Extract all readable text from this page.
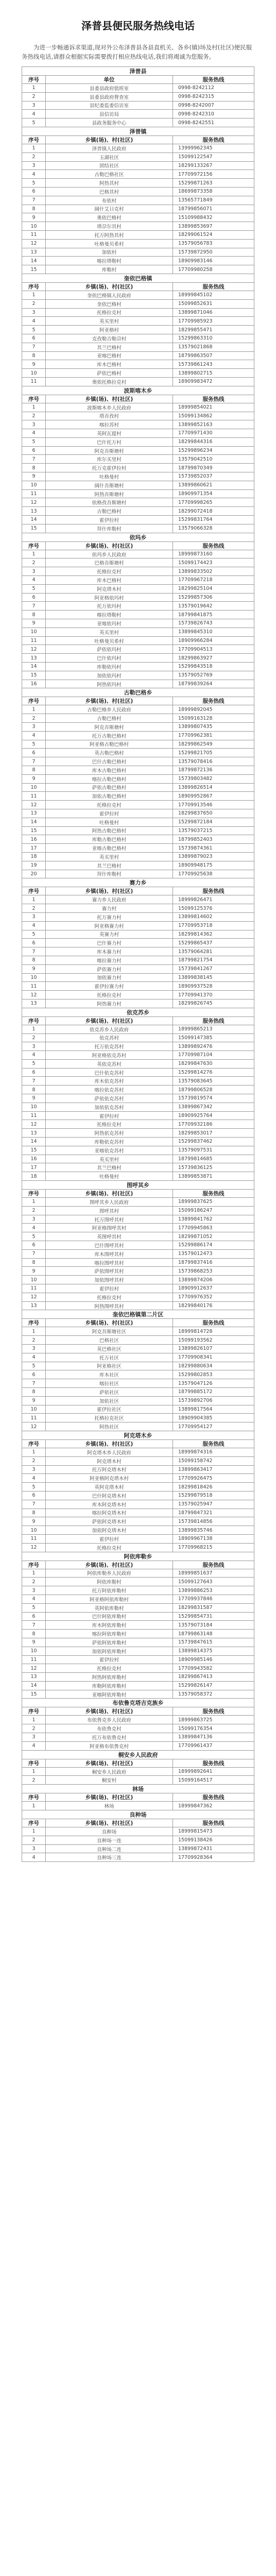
泽普县便民服务热线电话
为进一步畅通诉求渠道,现对外公布泽普县各县直机关、各乡(镇)场及村(社区)便民服务热线电话,请群众根据实际需要拨打相应热线电话,我们将竭诚为您服务。
泽普县		
序号	单位	服务热线
1	县委县政府值班室	0998-8242112
2	县委县政府督查室	0998-8242315
3	县纪委监委信访室	0998-8242007
4	县信访局	0998-8242310
5	县政务服务中心	0998-8242551
泽普镇		
序号	乡镇(场)、村(社区)	服务热线
1	泽普镇人民政府	13999962345
2	玉湖社区	15099122547
3	团结社区	18299133267
4	古勒巴格社区	17709972156
5	阿热其村	15299871263
6	巴格其村	18699873358
7	布依村	13565771849
8	阔什艾日克村	18799856071
9	奥依巴格村	15109988432
10	塔尕尔其村	13899853697
11	托万阿热其村	18299061524
12	吐格曼贝希村	13579056783
13	加依村	15739872950
14	喀拉塔勒村	18909983146
15	库勒村	17709980258
奎依巴格镇		
序号	乡镇(场)、村(社区)	服务热线
1	奎依巴格镇人民政府	18999845102
2	奎依巴格村	15099852631
3	托格拉克村	13899871046
4	英买里村	17709985923
5	阿亚格村	18299855471
6	克孜勒吉勒尕村	15299863310
7	其兰巴格村	13579021868
8	亚喀巴格村	18799863507
9	库木巴格村	15739861243
10	萨依巴格村	13899802715
11	奥依托格拉克村	18909983472
波斯喀木乡		
序号	乡镇(场)、村(社区)	服务热线
1	波斯喀木乡人民政府	18999854021
2	塔吾孜村	15099134862
3	喀拉苏村	13899852163
4	英阿瓦提村	17709971430
5	巴什托万村	18299844316
6	阿克吾斯塘村	15299896234
7	库尔买里村	13579042510
8	托万克霍伊拉村	18799870349
9	吐格曼村	15739852037
10	阔什吾斯塘村	13899860621
11	阿热吾斯塘村	18909971354
12	依格孜吾斯塘村	17709998265
13	古勒巴格村	18299072418
14	霍伊拉村	15299831764
15	拜什库勒村	13579066328
依玛乡		
序号	乡镇(场)、村(社区)	服务热线
1	依玛乡人民政府	18999873160
2	巴格吾斯塘村	15099174423
3	托格拉克村	13899833502
4	库木巴格村	17709967218
5	阿克塔木村	18299825104
6	阿亚格依玛村	15299857306
7	托万依玛村	13579019642
8	喀拉塔勒村	18799841875
9	亚喀依玛村	15739826743
10	英买里村	13899845310
11	吐格曼贝希村	18909966284
12	萨依依玛村	17709904513
13	巴什依玛村	18299863927
14	库勒依玛村	15299843518
15	加依依玛村	13579052769
16	阿热依玛村	18799839264
古勒巴格乡		
序号	乡镇(场)、村(社区)	服务热线
1	古勒巴格乡人民政府	18999892045
2	古勒巴格村	15099163128
3	阿克吾斯塘村	13899807435
4	托万古勒巴格村	17709962381
5	阿亚格古勒巴格村	18299862549
6	英古勒巴格村	15299821705
7	巴什古勒巴格村	13579078416
8	库木古勒巴格村	18799872136
9	喀拉古勒巴格村	15739803482
10	萨依古勒巴格村	13899826514
11	加依古勒巴格村	18909952867
12	托格拉克村	17709913546
13	霍伊拉村	18299837650
14	吐格曼村	15299872184
15	阿热古勒巴格村	13579037215
16	库勒古勒巴格村	18799852403
17	亚喀古勒巴格村	15739874361
18	英买里村	13899879023
19	其兰巴格村	18909948175
20	拜什库勒村	17709925638
赛力乡		
序号	乡镇(场)、村(社区)	服务热线
1	赛力乡人民政府	18999826471
2	赛力村	15099125376
3	托万赛力村	13899814602
4	阿亚格赛力村	17709953718
5	英赛力村	18299814362
6	巴什赛力村	15299865437
7	库木赛力村	13579064281
8	喀拉赛力村	18799821754
9	萨依赛力村	15739841267
10	加依赛力村	13899838145
11	霍伊拉赛力村	18909937528
12	托格拉克村	17709941370
13	阿热赛力村	18299826745
依克苏乡		
序号	乡镇(场)、村(社区)	服务热线
1	依克苏乡人民政府	18999865213
2	依克苏村	15099147385
3	托万依克苏村	13899892476
4	阿亚格依克苏村	17709987104
5	英依克苏村	18299847630
6	巴什依克苏村	15299814276
7	库木依克苏村	13579083645
8	喀拉依克苏村	18799806528
9	萨依依克苏村	15739819574
10	加依依克苏村	13899867342
11	霍伊拉村	18909925764
12	托格拉克村	17709932186
13	阿热依克苏村	18299853017
14	库勒依克苏村	15299837462
15	亚喀依克苏村	13579097531
16	英买里村	18799814685
17	其兰巴格村	15739836125
18	吐格曼村	13899853871
图呼其乡		
序号	乡镇(场)、村(社区)	服务热线
1	图呼其乡人民政府	18999837625
2	图呼其村	15099186247
3	托万图呼其村	13899841762
4	阿亚格图呼其村	17709945863
5	英图呼其村	18299871052
6	巴什图呼其村	15299886174
7	库木图呼其村	13579012473
8	喀拉图呼其村	18799837416
9	萨依图呼其村	15739868253
10	加依图呼其村	13899874206
11	霍伊拉村	18909912637
12	托格拉克村	17709976352
13	阿热图呼其村	18299840176
奎依巴格镇第二片区		
序号	乡镇(场)、村(社区)	服务热线
1	阿克吾斯塘社区	18999814728
2	巴格社区	15099193562
3	英巴格社区	13899826107
4	托万社区	17709908341
5	阿亚格社区	18299880634
6	库木社区	15299802853
7	喀拉社区	13579047126
8	萨依社区	18799885172
9	加依社区	15739892706
10	霍伊拉社区	13899817564
11	托格拉克社区	18909904385
12	阿热社区	17709954127
阿克塔木乡		
序号	乡镇(场)、村(社区)	服务热线
1	阿克塔木乡人民政府	18999874316
2	阿克塔木村	15099158742
3	托万阿克塔木村	13899863417
4	阿亚格阿克塔木村	17709926475
5	英阿克塔木村	18299818426
6	巴什阿克塔木村	15299879518
7	库木阿克塔木村	13579025947
8	喀拉阿克塔木村	18799847321
9	萨依阿克塔木村	15739814856
10	加依阿克塔木村	13899835746
11	霍伊拉村	18909967138
12	托格拉克村	17709968215
阿依库勒乡		
序号	乡镇(场)、村(社区)	服务热线
1	阿依库勒乡人民政府	18999851637
2	阿依库勒村	15099127643
3	托万阿依库勒村	13899886253
4	阿亚格阿依库勒村	17709937846
5	英阿依库勒村	18299831587
6	巴什阿依库勒村	15299854731
7	库木阿依库勒村	13579073184
8	喀拉阿依库勒村	18799863148
9	萨依阿依库勒村	15739847615
10	加依阿依库勒村	13899814375
11	霍伊拉村	18909985146
12	托格拉克村	17709943582
13	阿热阿依库勒村	18299867413
14	库勒阿依库勒村	15299826147
15	亚喀阿依库勒村	13579058372
布依鲁克塔吉克族乡		
序号	乡镇(场)、村(社区)	服务热线
1	布依鲁克乡人民政府	18999863725
2	布依鲁克村	15099176354
3	托万布依鲁克村	13899847136
4	阿亚格布依鲁克村	17709961437
桐安乡人民政府		
序号	乡镇(场)、村(社区)	服务热线
1	桐安乡人民政府	18999892641
2	桐安村	15099164517
林场		
序号	乡镇(场)、村(社区)	服务热线
1	林场	18999847362
良种场		
序号	乡镇(场)、村(社区)	服务热线
1	良种场	18999815473
2	良种场一连	15099138426
3	良种场二连	13899872431
4	良种场三连	17709928364
